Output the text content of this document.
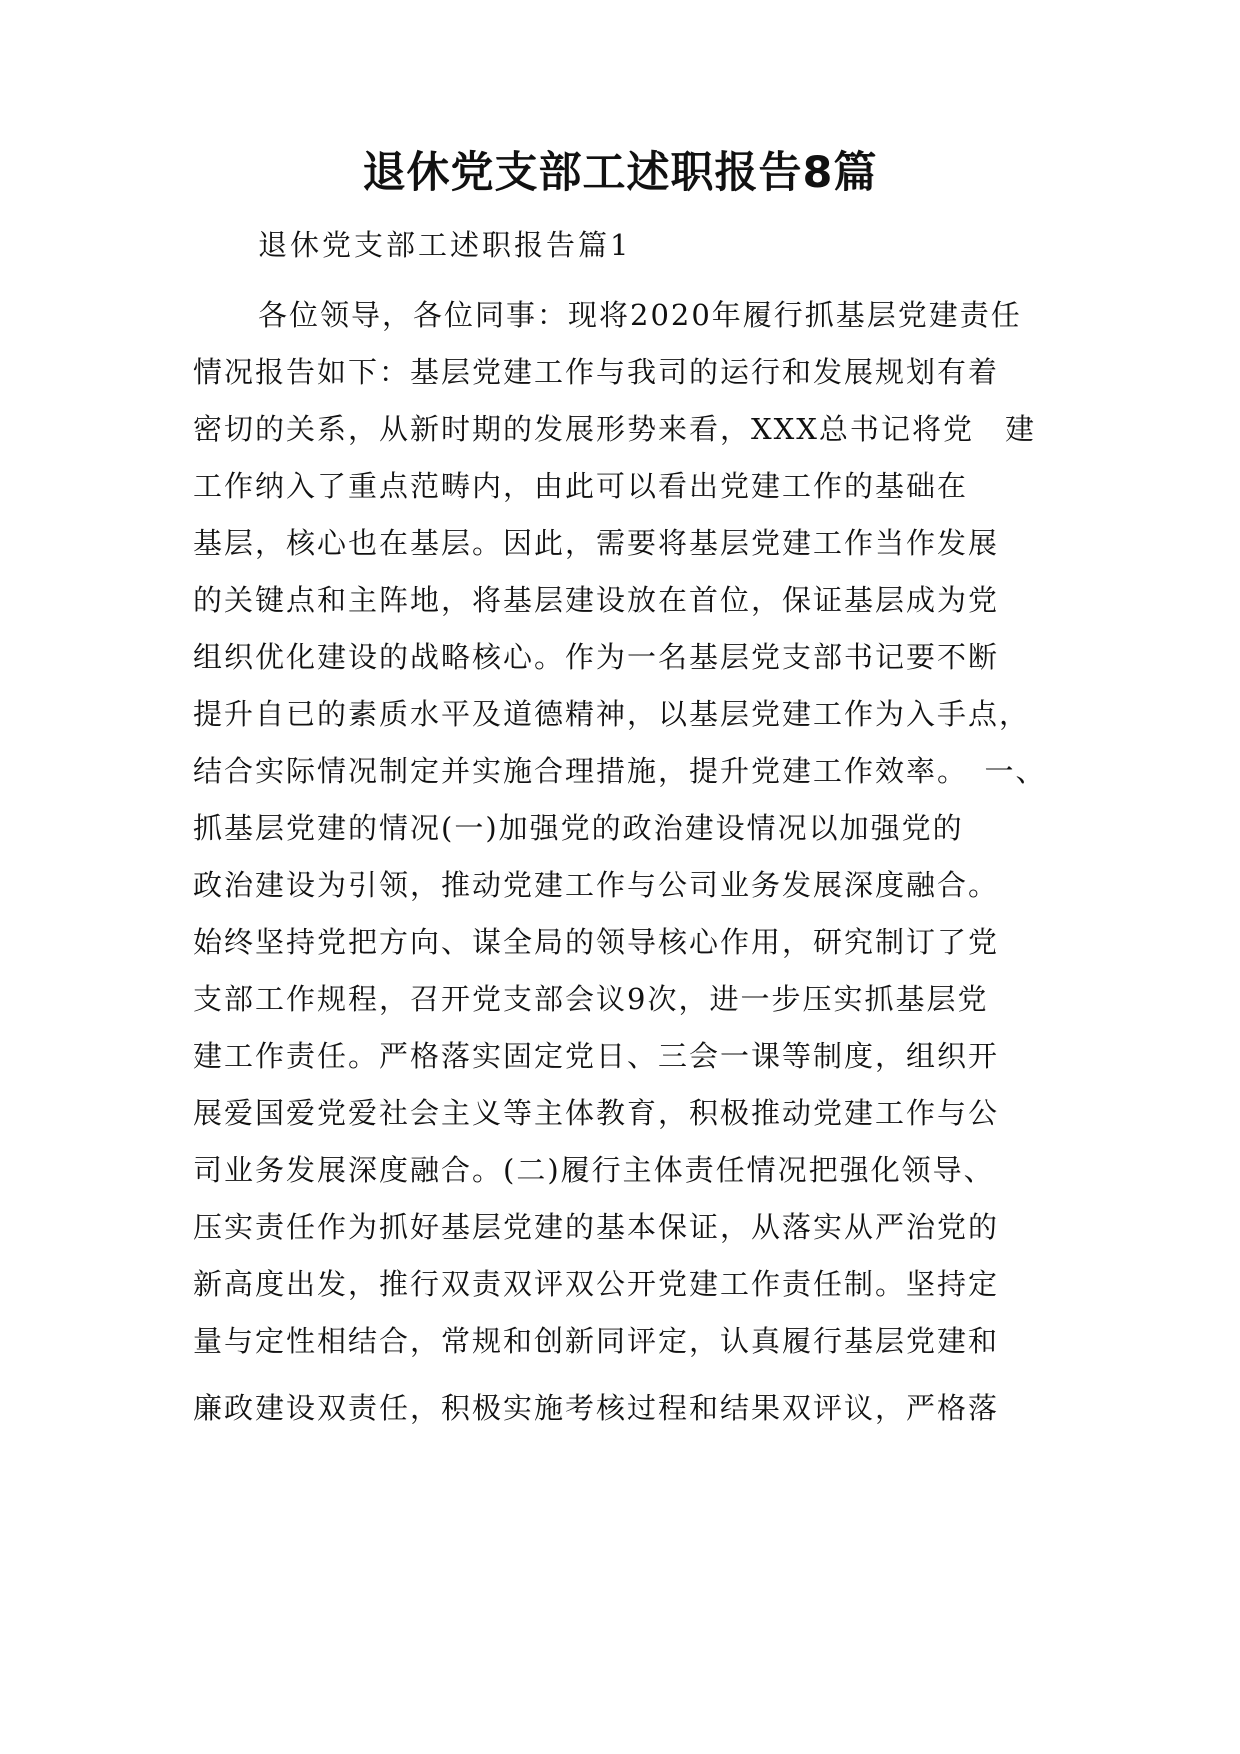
退休党支部工述职报告8篇

退休党支部工述职报告篇1

各位领导，各位同事：现将2020年履行抓基层党建责任
情况报告如下：基层党建工作与我司的运行和发展规划有着
密切的关系，从新时期的发展形势来看，XXX总书记将党　建
工作纳入了重点范畴内，由此可以看出党建工作的基础在
基层，核心也在基层。因此，需要将基层党建工作当作发展
的关键点和主阵地，将基层建设放在首位，保证基层成为党
组织优化建设的战略核心。作为一名基层党支部书记要不断
提升自已的素质水平及道德精神，以基层党建工作为入手点，
结合实际情况制定并实施合理措施，提升党建工作效率。　一、
抓基层党建的情况(一)加强党的政治建设情况以加强党的
政治建设为引领，推动党建工作与公司业务发展深度融合。
始终坚持党把方向、谋全局的领导核心作用，研究制订了党
支部工作规程，召开党支部会议9次，进一步压实抓基层党
建工作责任。严格落实固定党日、三会一课等制度，组织开
展爱国爱党爱社会主义等主体教育，积极推动党建工作与公
司业务发展深度融合。(二)履行主体责任情况把强化领导、
压实责任作为抓好基层党建的基本保证，从落实从严治党的
新高度出发，推行双责双评双公开党建工作责任制。坚持定
量与定性相结合，常规和创新同评定，认真履行基层党建和
廉政建设双责任，积极实施考核过程和结果双评议，严格落
